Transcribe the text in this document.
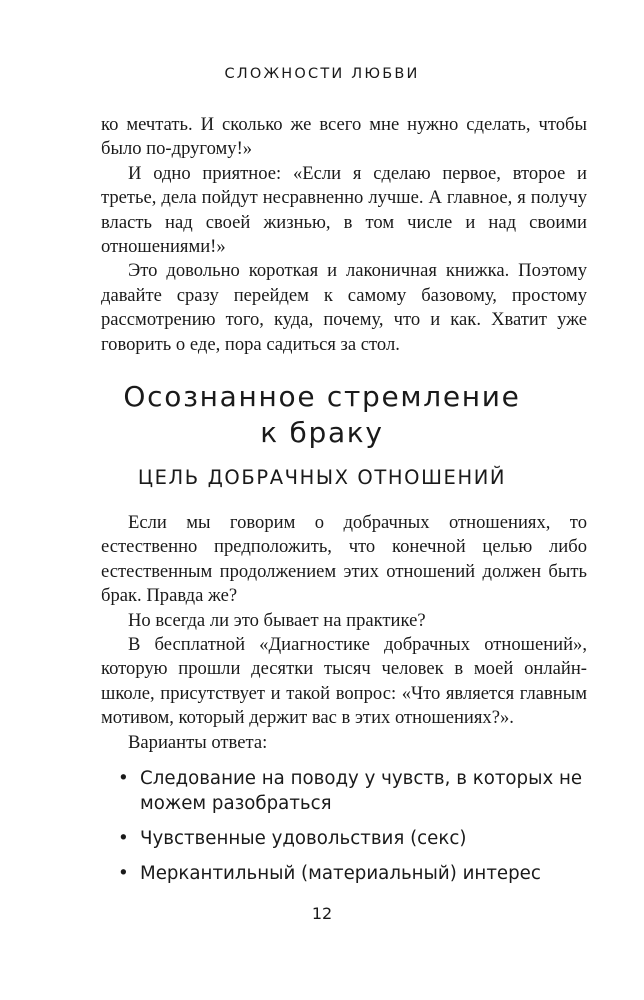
СЛОЖНОСТИ ЛЮБВИ

ко мечтать. И сколько же всего мне нужно сделать, чтобы было по-другому!»

И одно приятное: «Если я сделаю первое, второе и третье, дела пойдут несравненно лучше. А главное, я получу власть над своей жизнью, в том числе и над своими отношениями!»

Это довольно короткая и лаконичная книжка. Поэтому давайте сразу перейдем к самому базовому, простому рассмотрению того, куда, почему, что и как. Хватит уже говорить о еде, пора садиться за стол.

Осознанное стремление
к браку
ЦЕЛЬ ДОБРАЧНЫХ ОТНОШЕНИЙ

Если мы говорим о добрачных отношениях, то естественно предположить, что конечной целью либо естественным продолжением этих отношений должен быть брак. Правда же?

Но всегда ли это бывает на практике?

В бесплатной «Диагностике добрачных отношений», которую прошли десятки тысяч человек в моей онлайн-школе, присутствует и такой вопрос: «Что является главным мотивом, который держит вас в этих отношениях?».

Варианты ответа:

• Следование на поводу у чувств, в которых не можем разобраться
• Чувственные удовольствия (секс)
• Меркантильный (материальный) интерес
12
